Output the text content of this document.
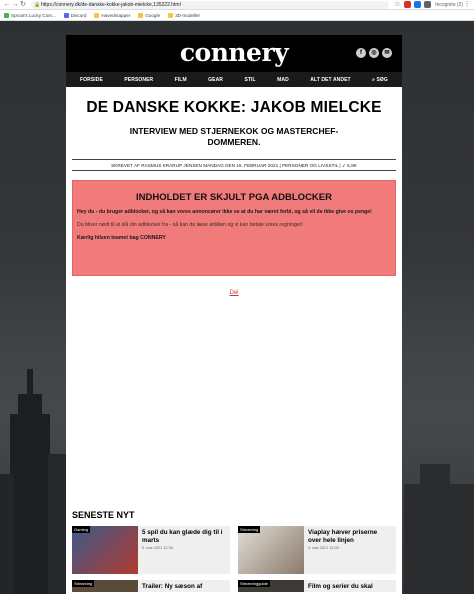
← → ↻ 🔒 https://connery.dk/de-danske-kokke-jakob-mielcke,135222.html	☆	Incognito (2) ⋮
Sprout's Lucky Com...	Discord	Havedmapper	Google	3D-modeller
connery	f	◎	✉
FORSIDE	PERSONER	FILM	GEAR	STIL	MAD	ALT DET ANDET	⌕ SØG
DE DANSKE KOKKE: JAKOB MIELCKE

INTERVIEW MED STJERNEKOK OG MASTERCHEF-DOMMEREN.

SKREVET AF RASMUS KRARUP JENSEN MANDAG DEN 15. FEBRUAR 2021 | PERSONER OG LIVSSTIL | ➶ 5,9K
INDHOLDET ER SKJULT PGA ADBLOCKER

Hey du - du bruger adblocker, og så kan vores annoncører ikke se at du har været forbi, og så vil de ikke give os penge!

Du bliver nødt til at slå din adblocker fra - så kan du læse artiklen og vi kan betale vores regninger!

Kærlig hilsen teamet bag CONNERY

Del
SENESTE NYT
Gaming	5 spil du kan glæde dig til i marts
3. mar 2021 12:30
Streaming	Viaplay hæver priserne over hele linjen
3. mar 2021 12:00
Streaming	Trailer: Ny sæson af	Streamingguide	Film og serier du skal
